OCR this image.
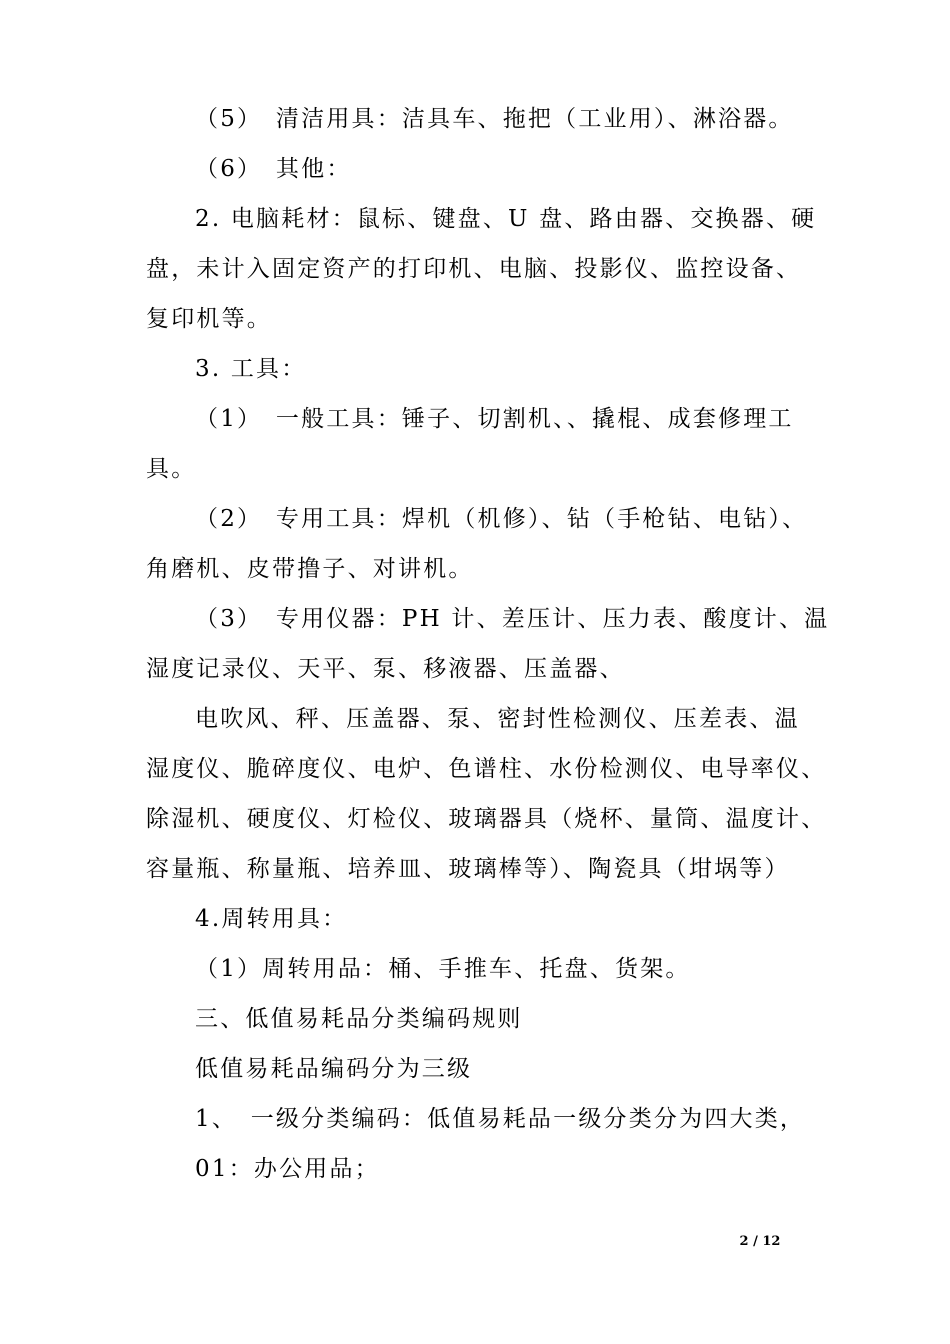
（5）　清洁用具：洁具车、拖把（工业用）、淋浴器。
（6）　其他：
2. 电脑耗材：鼠标、键盘、U 盘、路由器、交换器、硬
盘，未计入固定资产的打印机、电脑、投影仪、监控设备、
复印机等。
3. 工具：
（1）　一般工具：锤子、切割机、、撬棍、成套修理工
具。
（2）　专用工具：焊机（机修）、钻（手枪钻、电钻）、
角磨机、皮带撸子、对讲机。
（3）　专用仪器：PH 计、差压计、压力表、酸度计、温
湿度记录仪、天平、泵、移液器、压盖器、
电吹风、秤、压盖器、泵、密封性检测仪、压差表、温
湿度仪、脆碎度仪、电炉、色谱柱、水份检测仪、电导率仪、
除湿机、硬度仪、灯检仪、玻璃器具（烧杯、量筒、温度计、
容量瓶、称量瓶、培养皿、玻璃棒等）、陶瓷具（坩埚等）
4.周转用具：
（1）周转用品：桶、手推车、托盘、货架。
三、低值易耗品分类编码规则
低值易耗品编码分为三级
1、　一级分类编码：低值易耗品一级分类分为四大类，
01：办公用品；
2 / 12
